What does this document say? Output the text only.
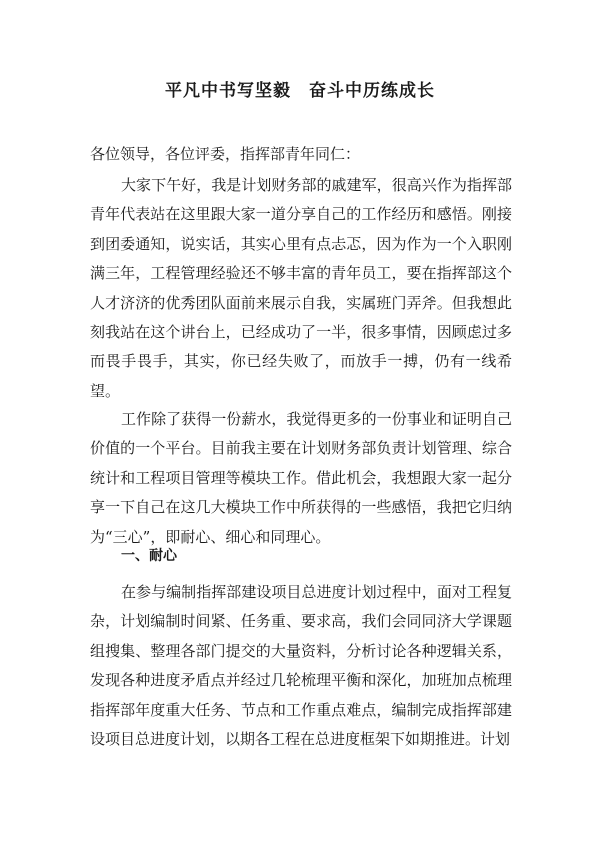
平凡中书写坚毅　奋斗中历练成长
各位领导，各位评委，指挥部青年同仁：

大家下午好，我是计划财务部的戚建军，很高兴作为指挥部青年代表站在这里跟大家一道分享自己的工作经历和感悟。刚接到团委通知，说实话，其实心里有点忐忑，因为作为一个入职刚满三年，工程管理经验还不够丰富的青年员工，要在指挥部这个人才济济的优秀团队面前来展示自我，实属班门弄斧。但我想此刻我站在这个讲台上，已经成功了一半，很多事情，因顾虑过多而畏手畏手，其实，你已经失败了，而放手一搏，仍有一线希望。

工作除了获得一份薪水，我觉得更多的一份事业和证明自己价值的一个平台。目前我主要在计划财务部负责计划管理、综合统计和工程项目管理等模块工作。借此机会，我想跟大家一起分享一下自己在这几大模块工作中所获得的一些感悟，我把它归纳为“三心”，即耐心、细心和同理心。

一、耐心

在参与编制指挥部建设项目总进度计划过程中，面对工程复杂，计划编制时间紧、任务重、要求高，我们会同同济大学课题组搜集、整理各部门提交的大量资料，分析讨论各种逻辑关系，发现各种进度矛盾点并经过几轮梳理平衡和深化，加班加点梳理指挥部年度重大任务、节点和工作重点难点，编制完成指挥部建设项目总进度计划，以期各工程在总进度框架下如期推进。计划
